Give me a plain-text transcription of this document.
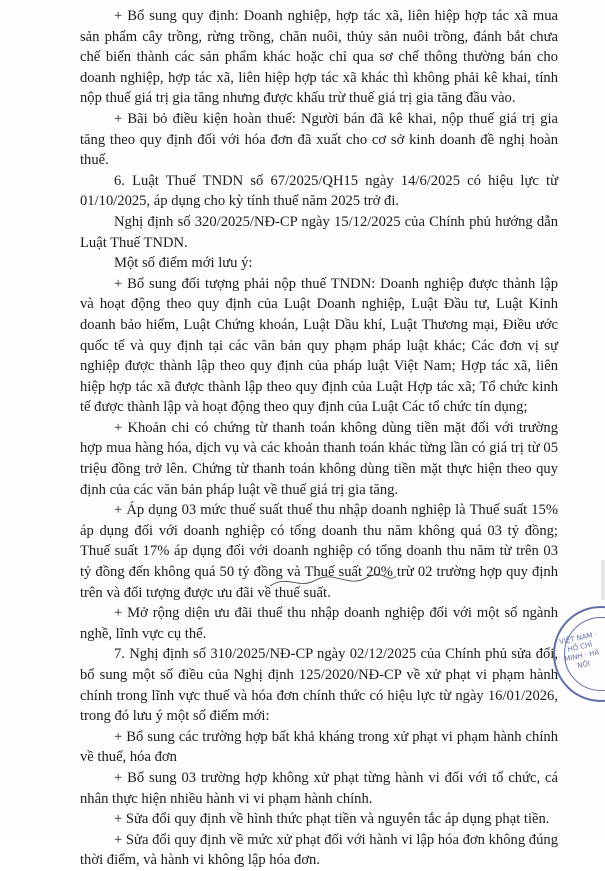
+ Bổ sung quy định: Doanh nghiệp, hợp tác xã, liên hiệp hợp tác xã mua sản phẩm cây trồng, rừng trồng, chăn nuôi, thủy sản nuôi trồng, đánh bắt chưa chế biến thành các sản phẩm khác hoặc chỉ qua sơ chế thông thường bán cho doanh nghiệp, hợp tác xã, liên hiệp hợp tác xã khác thì không phải kê khai, tính nộp thuế giá trị gia tăng nhưng được khấu trừ thuế giá trị gia tăng đầu vào.

+ Bãi bỏ điều kiện hoàn thuế: Người bán đã kê khai, nộp thuế giá trị gia tăng theo quy định đối với hóa đơn đã xuất cho cơ sở kinh doanh đề nghị hoàn thuế.

6. Luật Thuế TNDN số 67/2025/QH15 ngày 14/6/2025 có hiệu lực từ 01/10/2025, áp dụng cho kỳ tính thuế năm 2025 trở đi.

Nghị định số 320/2025/NĐ-CP ngày 15/12/2025 của Chính phủ hướng dẫn Luật Thuế TNDN.

Một số điểm mới lưu ý:

+ Bổ sung đối tượng phải nộp thuế TNDN: Doanh nghiệp được thành lập và hoạt động theo quy định của Luật Doanh nghiệp, Luật Đầu tư, Luật Kinh doanh bảo hiểm, Luật Chứng khoán, Luật Dầu khí, Luật Thương mại, Điều ước quốc tế và quy định tại các văn bản quy phạm pháp luật khác; Các đơn vị sự nghiệp được thành lập theo quy định của pháp luật Việt Nam; Hợp tác xã, liên hiệp hợp tác xã được thành lập theo quy định của Luật Hợp tác xã; Tổ chức kinh tế được thành lập và hoạt động theo quy định của Luật Các tổ chức tín dụng;

+ Khoản chi có chứng từ thanh toán không dùng tiền mặt đối với trường hợp mua hàng hóa, dịch vụ và các khoản thanh toán khác từng lần có giá trị từ 05 triệu đồng trở lên. Chứng từ thanh toán không dùng tiền mặt thực hiện theo quy định của các văn bản pháp luật về thuế giá trị gia tăng.

+ Áp dụng 03 mức thuế suất thuế thu nhập doanh nghiệp là Thuế suất 15% áp dụng đối với doanh nghiệp có tổng doanh thu năm không quá 03 tỷ đồng; Thuế suất 17% áp dụng đối với doanh nghiệp có tổng doanh thu năm từ trên 03 tỷ đồng đến không quá 50 tỷ đồng và Thuế suất 20% trừ 02 trường hợp quy định trên và đối tượng được ưu đãi về thuế suất.

+ Mở rộng diện ưu đãi thuế thu nhập doanh nghiệp đối với một số ngành nghề, lĩnh vực cụ thể.

7. Nghị định số 310/2025/NĐ-CP ngày 02/12/2025 của Chính phủ sửa đổi, bổ sung một số điều của Nghị định 125/2020/NĐ-CP về xử phạt vi phạm hành chính trong lĩnh vực thuế và hóa đơn chính thức có hiệu lực từ ngày 16/01/2026, trong đó lưu ý một số điểm mới:

+ Bổ sung các trường hợp bất khả kháng trong xử phạt vi phạm hành chính về thuế, hóa đơn

+ Bổ sung 03 trường hợp không xử phạt từng hành vi đối với tổ chức, cá nhân thực hiện nhiều hành vi vi phạm hành chính.

+ Sửa đổi quy định về hình thức phạt tiền và nguyên tắc áp dụng phạt tiền.

+ Sửa đổi quy định về mức xử phạt đối với hành vi lập hóa đơn không đúng thời điểm, và hành vi không lập hóa đơn.

VIỆT NAM · HỒ CHÍ MINH · HÀ NỘI
